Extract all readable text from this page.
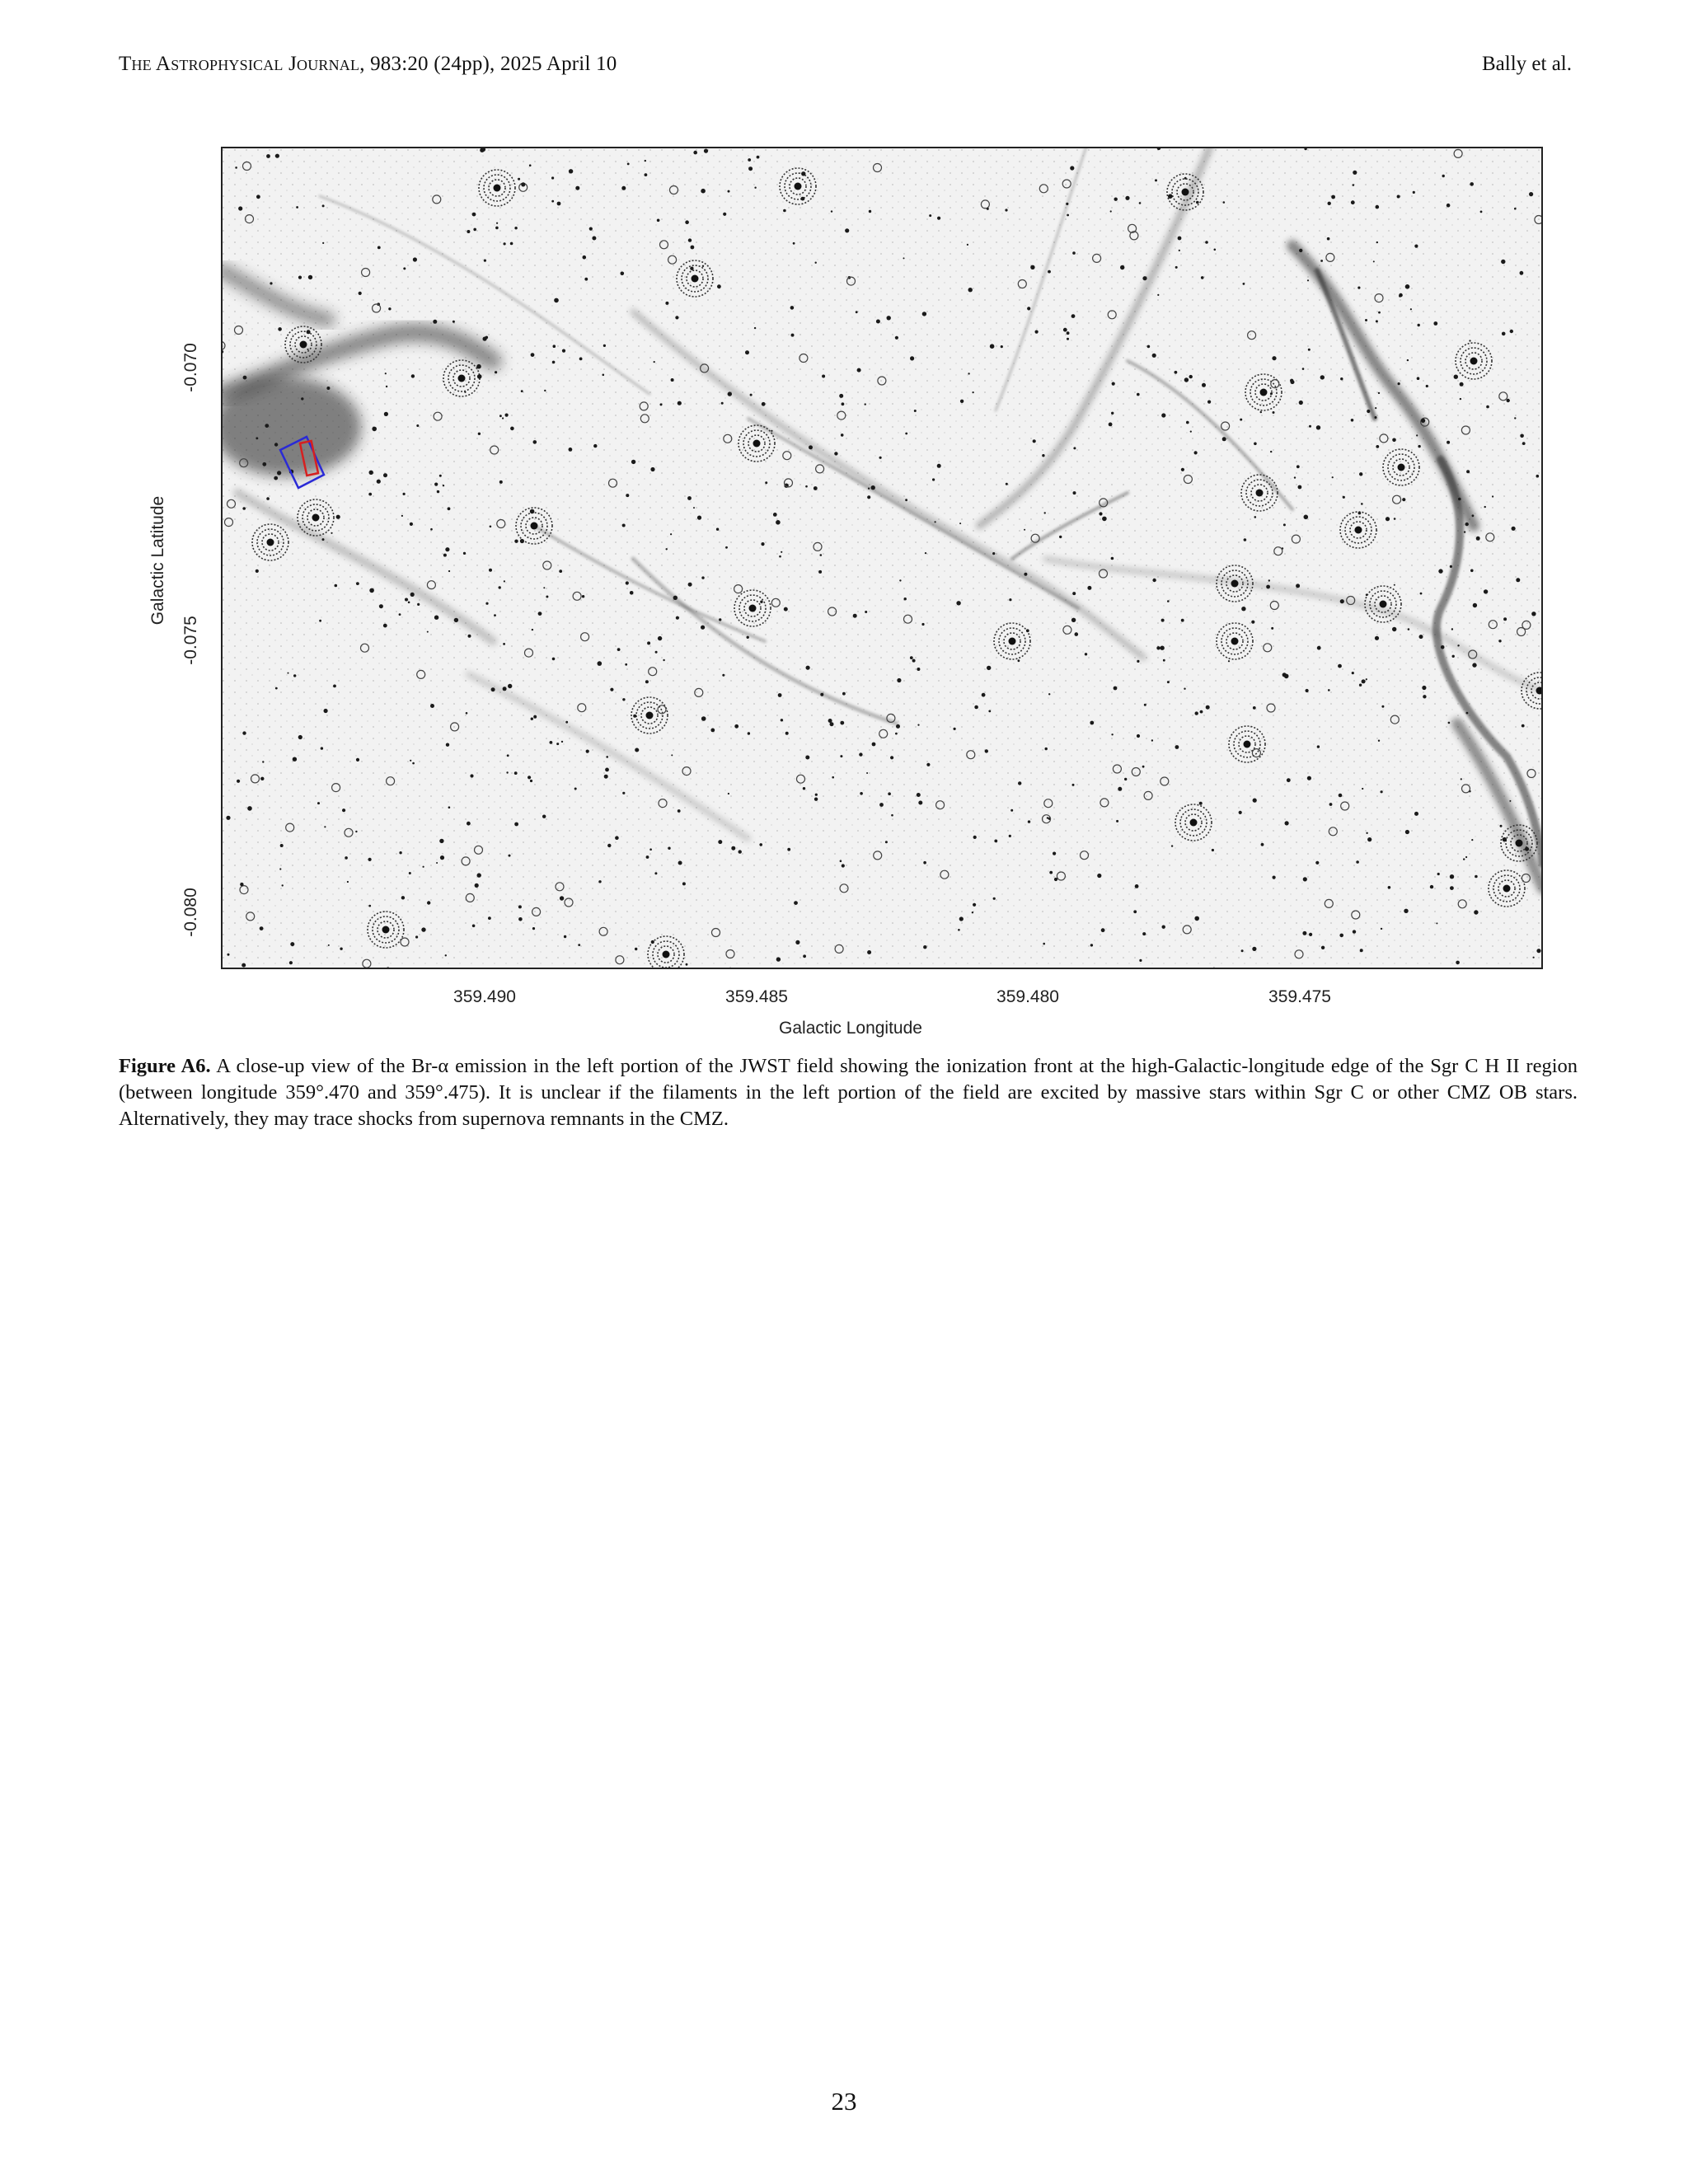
The Astrophysical Journal, 983:20 (24pp), 2025 April 10	Bally et al.
359.490	359.485	359.480	359.475
-0.070
-0.075
-0.080
Galactic Longitude
Galactic Latitude
Figure A6. A close-up view of the Br-α emission in the left portion of the JWST field showing the ionization front at the high-Galactic-longitude edge of the Sgr C H II region (between longitude 359°.470 and 359°.475). It is unclear if the filaments in the left portion of the field are excited by massive stars within Sgr C or other CMZ OB stars. Alternatively, they may trace shocks from supernova remnants in the CMZ.
23
